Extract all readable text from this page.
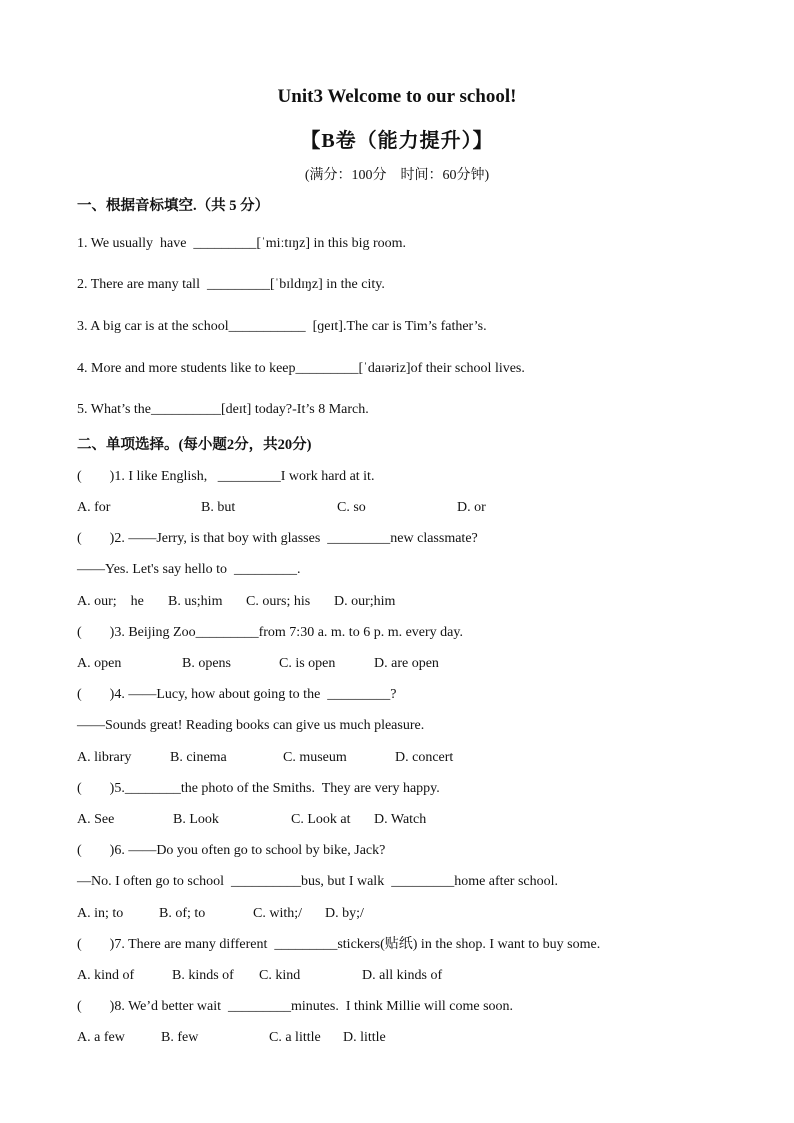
Unit3 Welcome to our school!
【B卷（能力提升）】
(满分：100分　时间：60分钟)
一、根据音标填空.（共 5 分）
1. We usually  have  _________[ˈmiːtɪŋz] in this big room.
2. There are many tall  _________[ˈbɪldɪŋz] in the city.
3. A big car is at the school___________  [ɡeɪt].The car is Tim’s father’s.
4. More and more students like to keep_________[ˈdaɪəriz]of their school lives.
5. What’s the__________[deɪt] today?-It’s 8 March.
二、单项选择。(每小题2分，共20分)
(　　)1. I like English,   _________I work hard at it.
A. for	B. but	C. so	D. or
(　　)2. ——Jerry, is that boy with glasses  _________new classmate?
——Yes. Let's say hello to  _________.
A. our;　he B. us;him C. ours; his D. our;him
(　　)3. Beijing Zoo_________from 7:30 a. m. to 6 p. m. every day.
A. open	B. opens	C. is open	D. are open
(　　)4. ——Lucy, how about going to the  _________?
——Sounds great! Reading books can give us much pleasure.
A. library	B. cinema	C. museum	D. concert
(　　)5.________the photo of the Smiths.  They are very happy.
A. See	B. Look	C. Look at D. Watch
(　　)6. ——Do you often go to school by bike, Jack?
—No. I often go to school  __________bus, but I walk  _________home after school.
A. in; to	B. of; to	C. with;/ D. by;/
(　　)7. There are many different  _________stickers(贴纸) in the shop. I want to buy some.
A. kind of	B. kinds of C. kind	D. all kinds of
(　　)8. We’d better wait  _________minutes.  I think Millie will come soon.
A. a few	B. few	C. a little D. little
